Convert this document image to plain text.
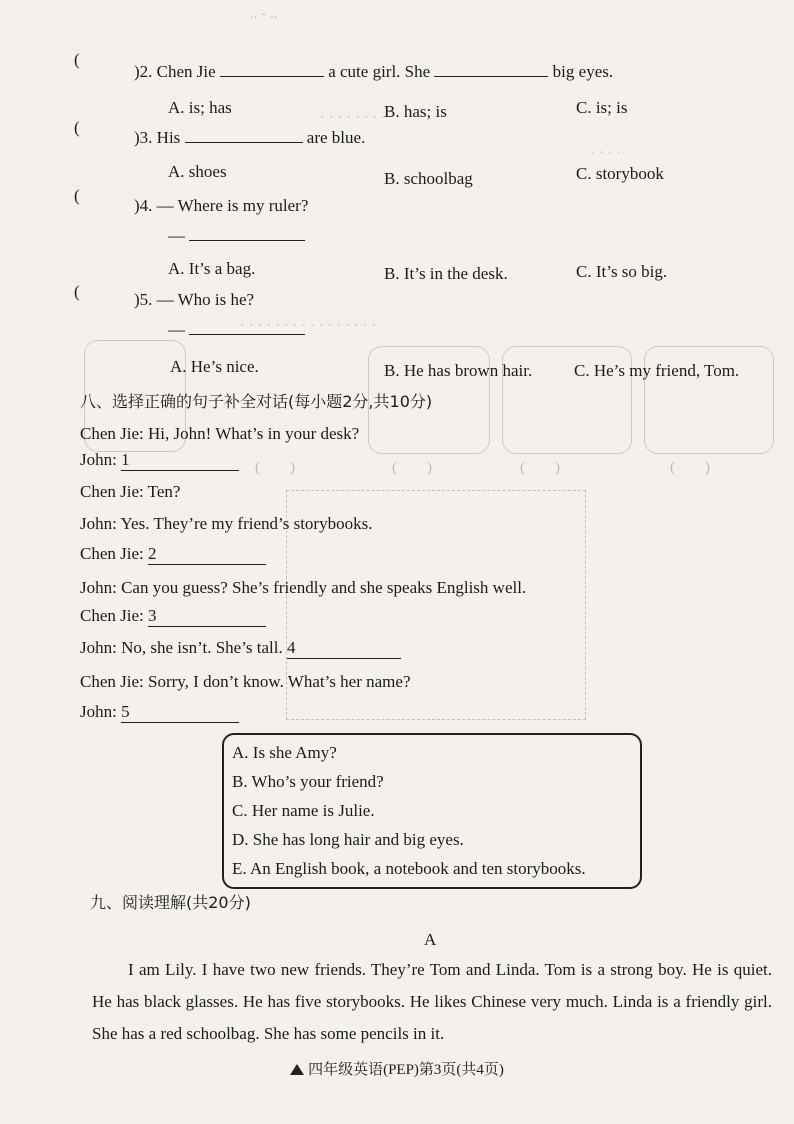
.. - ..
· · · · · · · ·
· · · ·
· · · · · · · · · · · · · · · ·
(　　)	(　　)	(　　)	(　　)
(
)2. Chen Jie	a cute girl. She	big eyes.
A. is; has	B. has; is	C. is; is
(
)3. His	are blue.
A. shoes	B. schoolbag	C. storybook
(
)4. — Where is my ruler?
—
A. It’s a bag.	B. It’s in the desk.	C. It’s so big.
(	)5. — Who is he?
—
A. He’s nice.	B. He has brown hair. C. He’s my friend, Tom.
八、选择正确的句子补全对话(每小题2分,共10分)
Chen Jie: Hi, John! What’s in your desk?
John: 1
Chen Jie: Ten?
John: Yes. They’re my friend’s storybooks.
Chen Jie: 2
John: Can you guess? She’s friendly and she speaks English well.
Chen Jie: 3
John: No, she isn’t. She’s tall. 4
Chen Jie: Sorry, I don’t know. What’s her name?
John: 5
A. Is she Amy?
B. Who’s your friend?
C. Her name is Julie.
D. She has long hair and big eyes.
E. An English book, a notebook and ten storybooks.
九、阅读理解(共20分)
A
I am Lily. I have two new friends. They’re Tom and Linda. Tom is a strong boy. He is quiet. He has black glasses. He has five storybooks. He likes Chinese very much. Linda is a friendly girl. She has a red schoolbag. She has some pencils in it.
四年级英语(PEP)第3页(共4页)
